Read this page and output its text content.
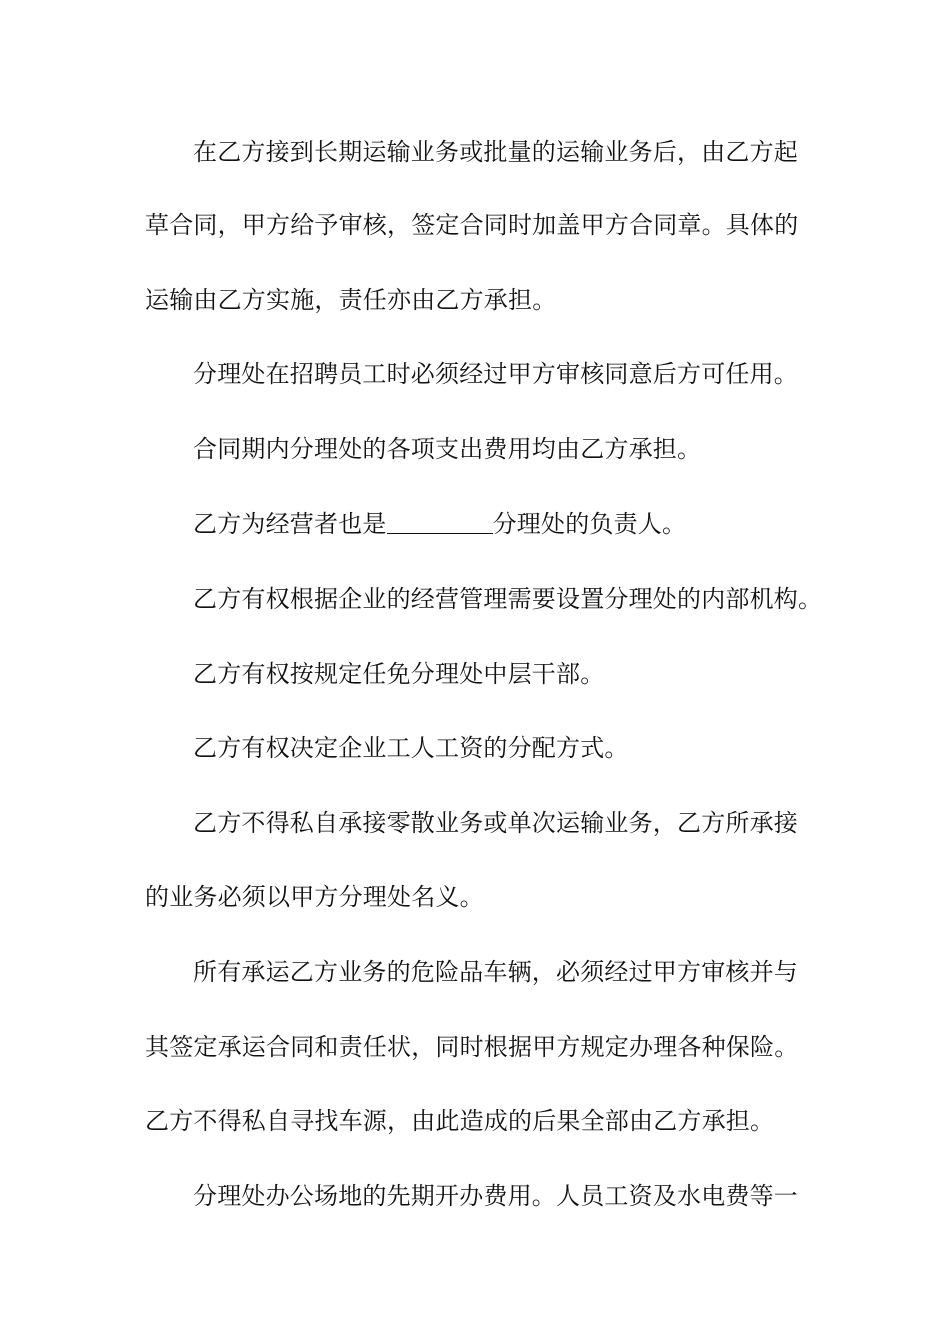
在乙方接到长期运输业务或批量的运输业务后，由乙方起
草合同，甲方给予审核，签定合同时加盖甲方合同章。具体的
运输由乙方实施，责任亦由乙方承担。
分理处在招聘员工时必须经过甲方审核同意后方可任用。
合同期内分理处的各项支出费用均由乙方承担。
乙方为经营者也是	分理处的负责人。
乙方有权根据企业的经营管理需要设置分理处的内部机构。
乙方有权按规定任免分理处中层干部。
乙方有权决定企业工人工资的分配方式。
乙方不得私自承接零散业务或单次运输业务，乙方所承接
的业务必须以甲方分理处名义。
所有承运乙方业务的危险品车辆，必须经过甲方审核并与
其签定承运合同和责任状，同时根据甲方规定办理各种保险。
乙方不得私自寻找车源，由此造成的后果全部由乙方承担。
分理处办公场地的先期开办费用。人员工资及水电费等一
